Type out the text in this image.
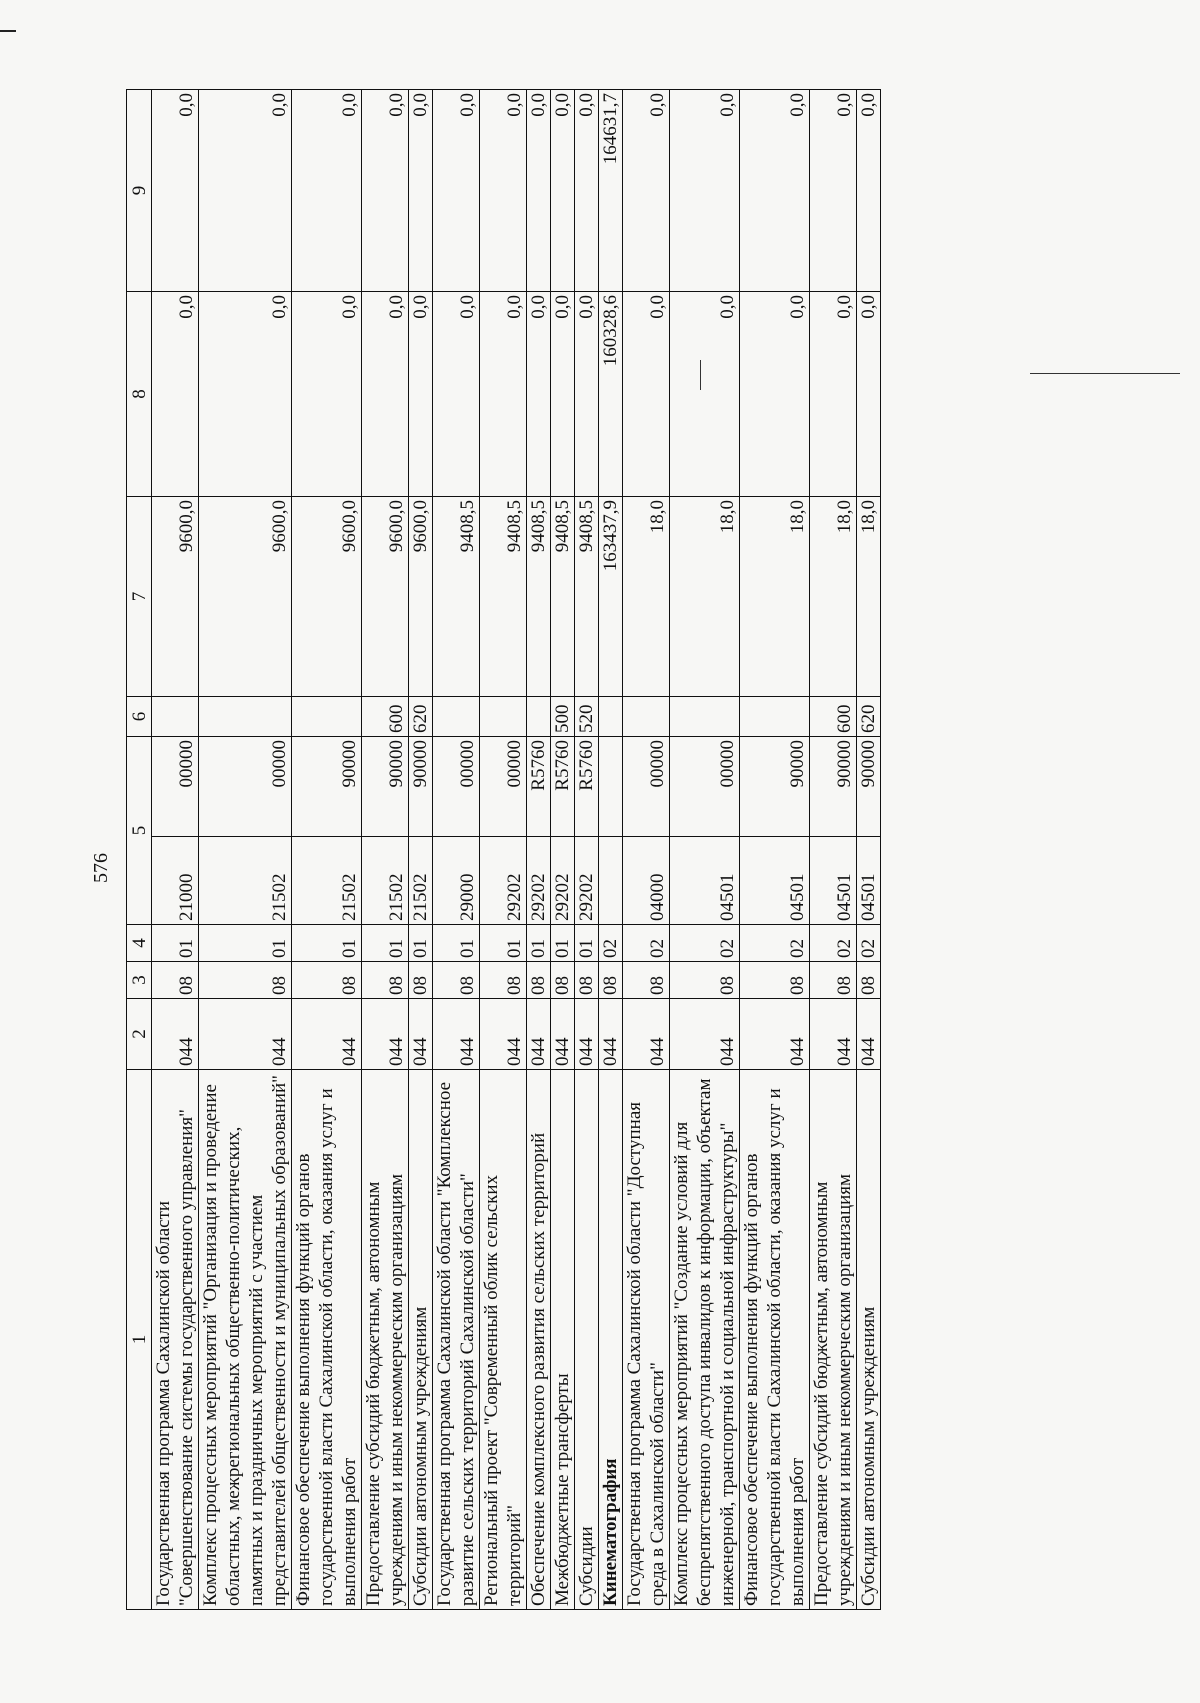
576
1	2	3	4	5		6	7	8	9
Государственная программа Сахалинской области "Совершенствование системы государственного управления"	044	08	01	21000	00000		9600,0	0,0	0,0
Комплекс процессных мероприятий "Организация и проведение областных, межрегиональных общественно-политических, памятных и праздничных мероприятий с участием представителей общественности и муниципальных образований"	044	08	01	21502	00000		9600,0	0,0	0,0
Финансовое обеспечение выполнения функций органов государственной власти Сахалинской области, оказания услуг и выполнения работ	044	08	01	21502	90000		9600,0	0,0	0,0
Предоставление субсидий бюджетным, автономным учреждениям и иным некоммерческим организациям	044	08	01	21502	90000	600	9600,0	0,0	0,0
Субсидии автономным учреждениям	044	08	01	21502	90000	620	9600,0	0,0	0,0
Государственная программа Сахалинской области "Комплексное развитие сельских территорий Сахалинской области"	044	08	01	29000	00000		9408,5	0,0	0,0
Региональный проект "Современный облик сельских территорий"	044	08	01	29202	00000		9408,5	0,0	0,0
Обеспечение комплексного развития сельских территорий	044	08	01	29202	R5760		9408,5	0,0	0,0
Межбюджетные трансферты	044	08	01	29202	R5760	500	9408,5	0,0	0,0
Субсидии	044	08	01	29202	R5760	520	9408,5	0,0	0,0
Кинематография	044	08	02				163437,9	160328,6	164631,7
Государственная программа Сахалинской области "Доступная среда в Сахалинской области"	044	08	02	04000	00000		18,0	0,0	0,0
Комплекс процессных мероприятий "Создание условий для беспрепятственного доступа инвалидов к информации, объектам инженерной, транспортной и социальной инфраструктуры"	044	08	02	04501	00000		18,0	0,0	0,0
Финансовое обеспечение выполнения функций органов государственной власти Сахалинской области, оказания услуг и выполнения работ	044	08	02	04501	90000		18,0	0,0	0,0
Предоставление субсидий бюджетным, автономным учреждениям и иным некоммерческим организациям	044	08	02	04501	90000	600	18,0	0,0	0,0
Субсидии автономным учреждениям	044	08	02	04501	90000	620	18,0	0,0	0,0
